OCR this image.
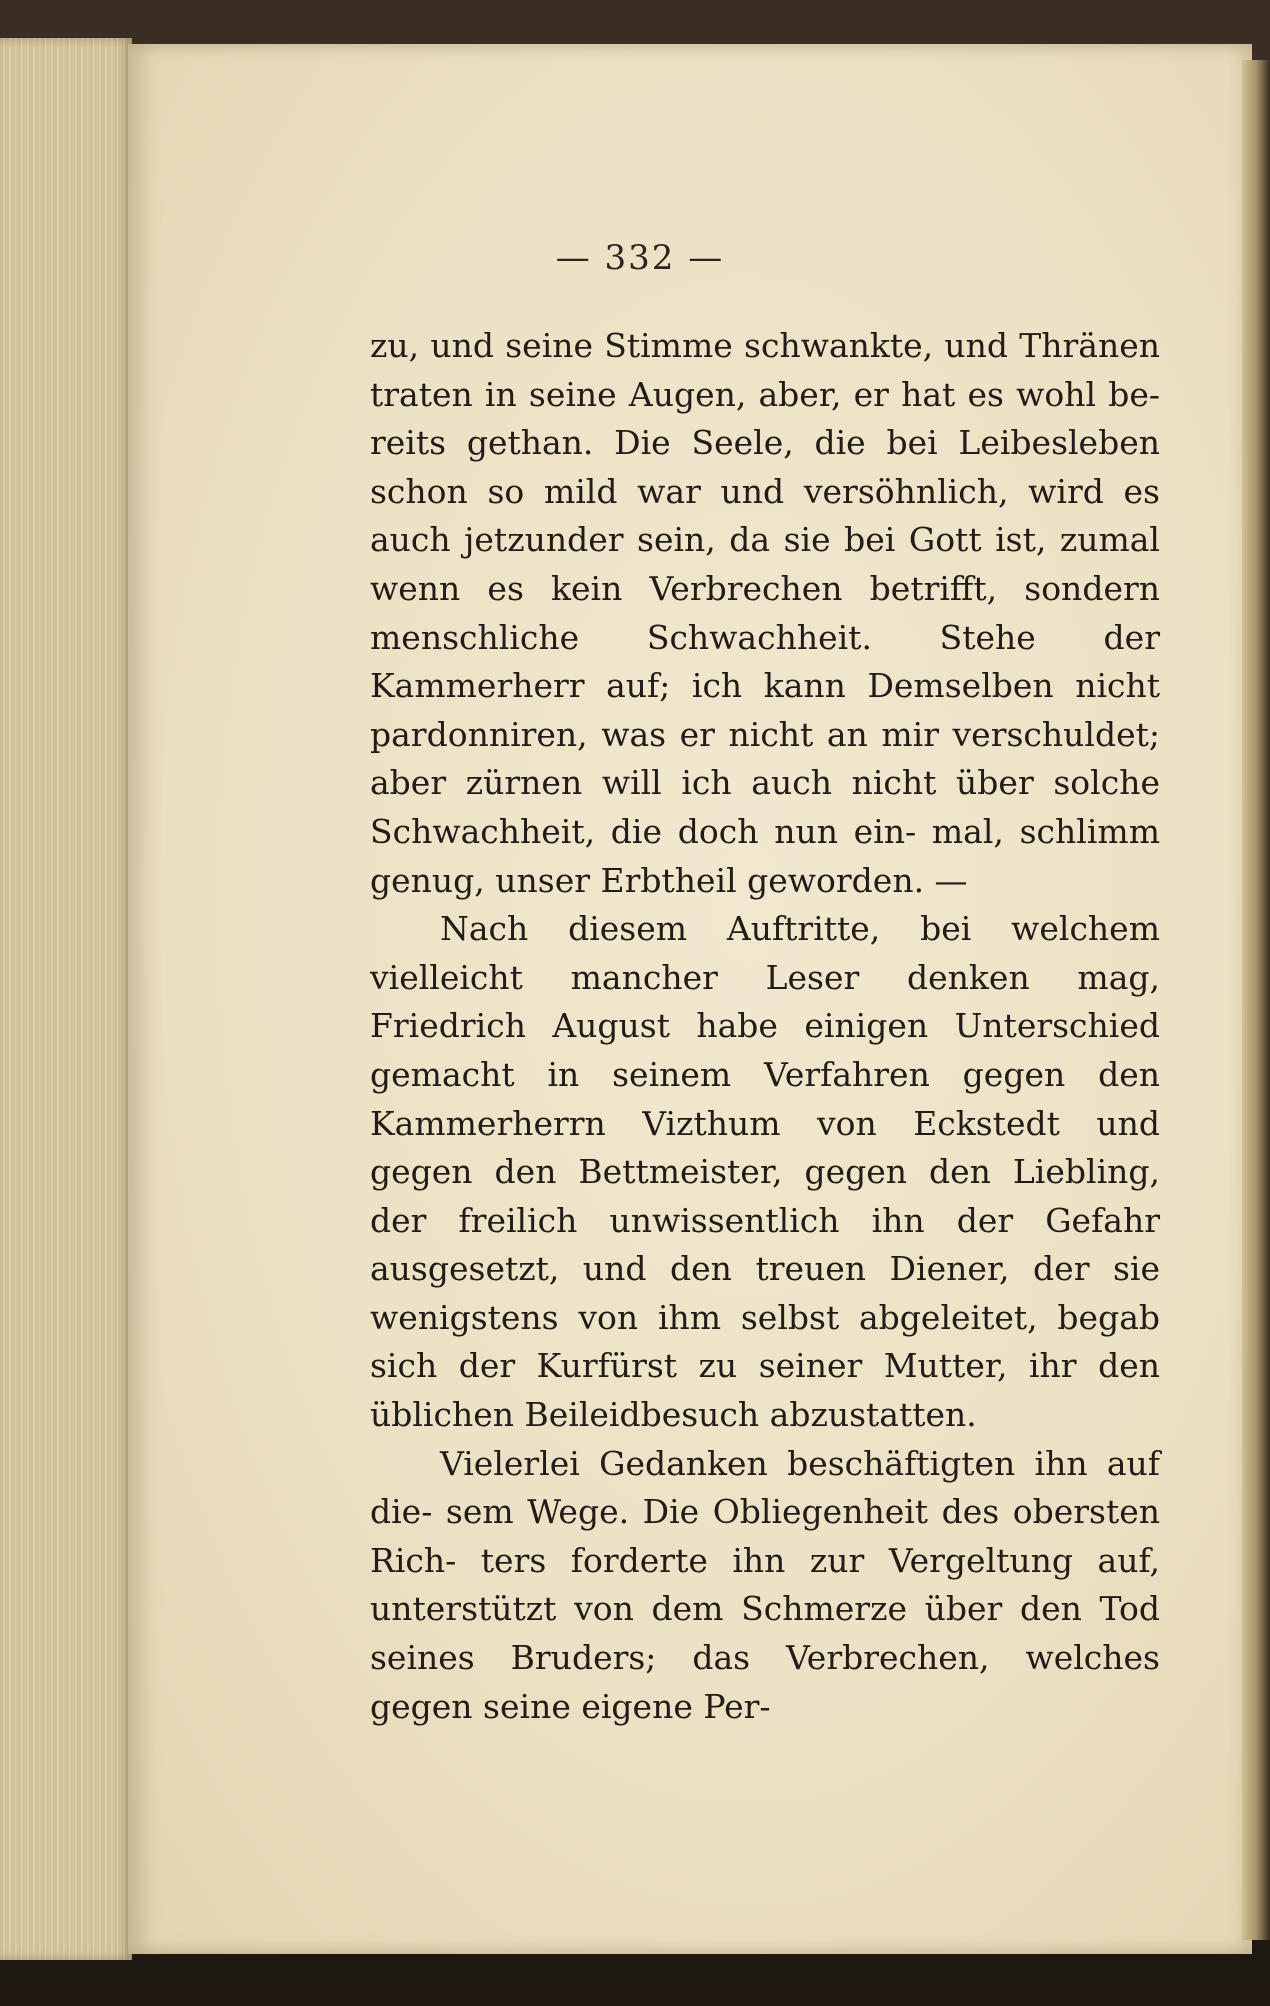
— 332 —

zu, und seine Stimme schwankte, und Thränen traten in seine Augen, aber, er hat es wohl be- reits gethan. Die Seele, die bei Leibesleben schon so mild war und versöhnlich, wird es auch jetzunder sein, da sie bei Gott ist, zumal wenn es kein Verbrechen betrifft, sondern menschliche Schwachheit. Stehe der Kammerherr auf; ich kann Demselben nicht pardonniren, was er nicht an mir verschuldet; aber zürnen will ich auch nicht über solche Schwachheit, die doch nun ein- mal, schlimm genug, unser Erbtheil geworden. —

Nach diesem Auftritte, bei welchem vielleicht mancher Leser denken mag, Friedrich August habe einigen Unterschied gemacht in seinem Verfahren gegen den Kammerherrn Vizthum von Eckstedt und gegen den Bettmeister, gegen den Liebling, der freilich unwissentlich ihn der Gefahr ausgesetzt, und den treuen Diener, der sie wenigstens von ihm selbst abgeleitet, begab sich der Kurfürst zu seiner Mutter, ihr den üblichen Beileidbesuch abzustatten.

Vielerlei Gedanken beschäftigten ihn auf die- sem Wege. Die Obliegenheit des obersten Rich- ters forderte ihn zur Vergeltung auf, unterstützt von dem Schmerze über den Tod seines Bruders; das Verbrechen, welches gegen seine eigene Per-
